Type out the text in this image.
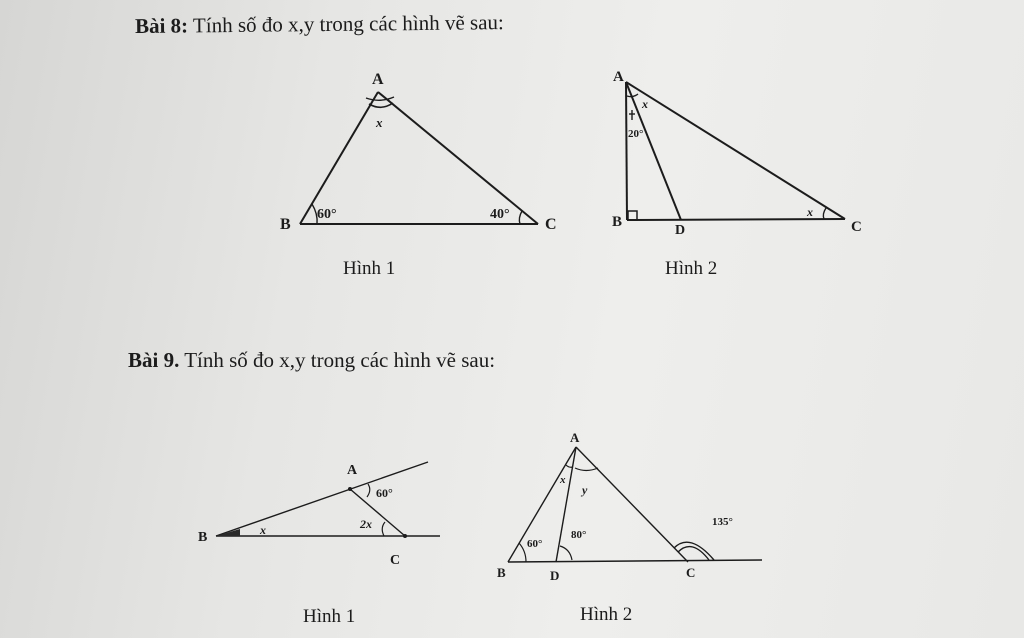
Bài 8: Tính số đo x,y trong các hình vẽ sau:
Bài 9. Tính số đo x,y trong các hình vẽ sau:
A
B	C
x
60°	40°
Hình 1
A
B	C
D
x
20°
x
Hình 2
A
B
C
x
60°
2x
Hình 1
A
B	C
D
x
y
60°
80°
135°
Hình 2
